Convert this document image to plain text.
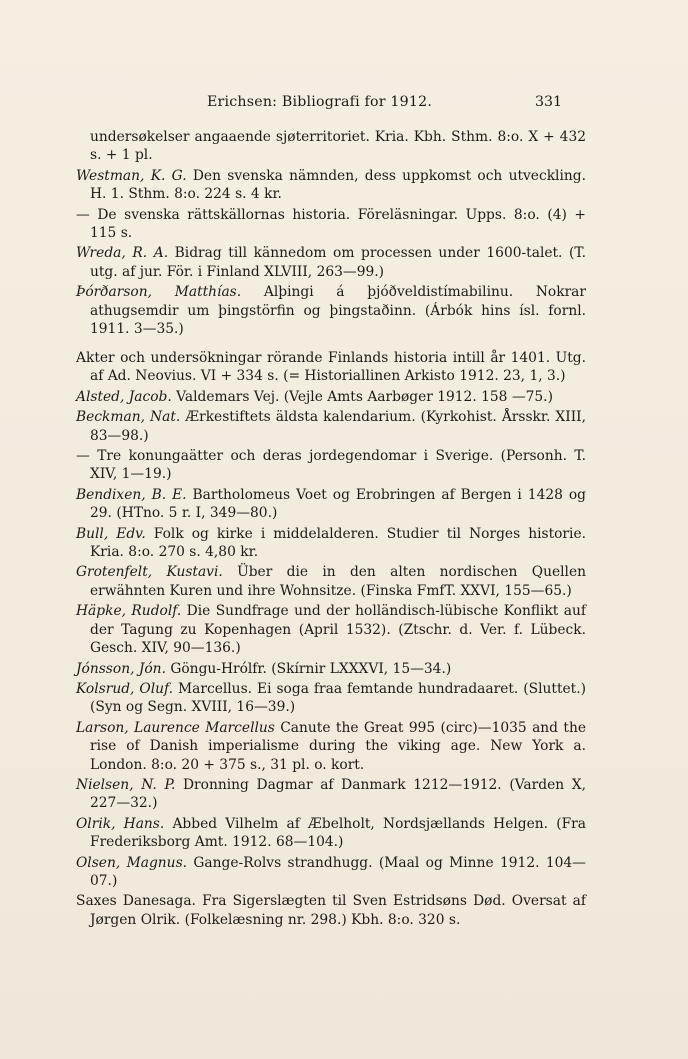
Erichsen: Bibliografi for 1912.	331

undersøkelser angaaende sjøterritoriet. Kria. Kbh. Sthm. 8:o. X + 432 s. + 1 pl.

Westman, K. G. Den svenska nämnden, dess uppkomst och utveckling. H. 1. Sthm. 8:o. 224 s. 4 kr.

— De svenska rättskällornas historia. Föreläsningar. Upps. 8:o. (4) + 115 s.

Wreda, R. A. Bidrag till kännedom om processen under 1600-talet. (T. utg. af jur. För. i Finland XLVIII, 263—99.)

Þórðarson, Matthías. Alþingi á þjóðveldistímabilinu. Nokrar athugsemdir um þingstörfin og þingstaðinn. (Árbók hins ísl. fornl. 1911. 3—35.)

Akter och undersökningar rörande Finlands historia intill år 1401. Utg. af Ad. Neovius. VI + 334 s. (= Historiallinen Arkisto 1912. 23, 1, 3.)

Alsted, Jacob. Valdemars Vej. (Vejle Amts Aarbøger 1912. 158 —75.)

Beckman, Nat. Ærkestiftets äldsta kalendarium. (Kyrkohist. Årsskr. XIII, 83—98.)

— Tre konungaätter och deras jordegendomar i Sverige. (Personh. T. XIV, 1—19.)

Bendixen, B. E. Bartholomeus Voet og Erobringen af Bergen i 1428 og 29. (HTno. 5 r. I, 349—80.)

Bull, Edv. Folk og kirke i middelalderen. Studier til Norges historie. Kria. 8:o. 270 s. 4,80 kr.

Grotenfelt, Kustavi. Über die in den alten nordischen Quellen erwähnten Kuren und ihre Wohnsitze. (Finska FmfT. XXVI, 155—65.)

Häpke, Rudolf. Die Sundfrage und der holländisch-lübische Konflikt auf der Tagung zu Kopenhagen (April 1532). (Ztschr. d. Ver. f. Lübeck. Gesch. XIV, 90—136.)

Jónsson, Jón. Göngu-Hrólfr. (Skírnir LXXXVI, 15—34.)

Kolsrud, Oluf. Marcellus. Ei soga fraa femtande hundradaaret. (Sluttet.) (Syn og Segn. XVIII, 16—39.)

Larson, Laurence Marcellus Canute the Great 995 (circ)—1035 and the rise of Danish imperialisme during the viking age. New York a. London. 8:o. 20 + 375 s., 31 pl. o. kort.

Nielsen, N. P. Dronning Dagmar af Danmark 1212—1912. (Varden X, 227—32.)

Olrik, Hans. Abbed Vilhelm af Æbelholt, Nordsjællands Helgen. (Fra Frederiksborg Amt. 1912. 68—104.)

Olsen, Magnus. Gange-Rolvs strandhugg. (Maal og Minne 1912. 104—07.)

Saxes Danesaga. Fra Sigerslægten til Sven Estridsøns Død. Oversat af Jørgen Olrik. (Folkelæsning nr. 298.) Kbh. 8:o. 320 s.
